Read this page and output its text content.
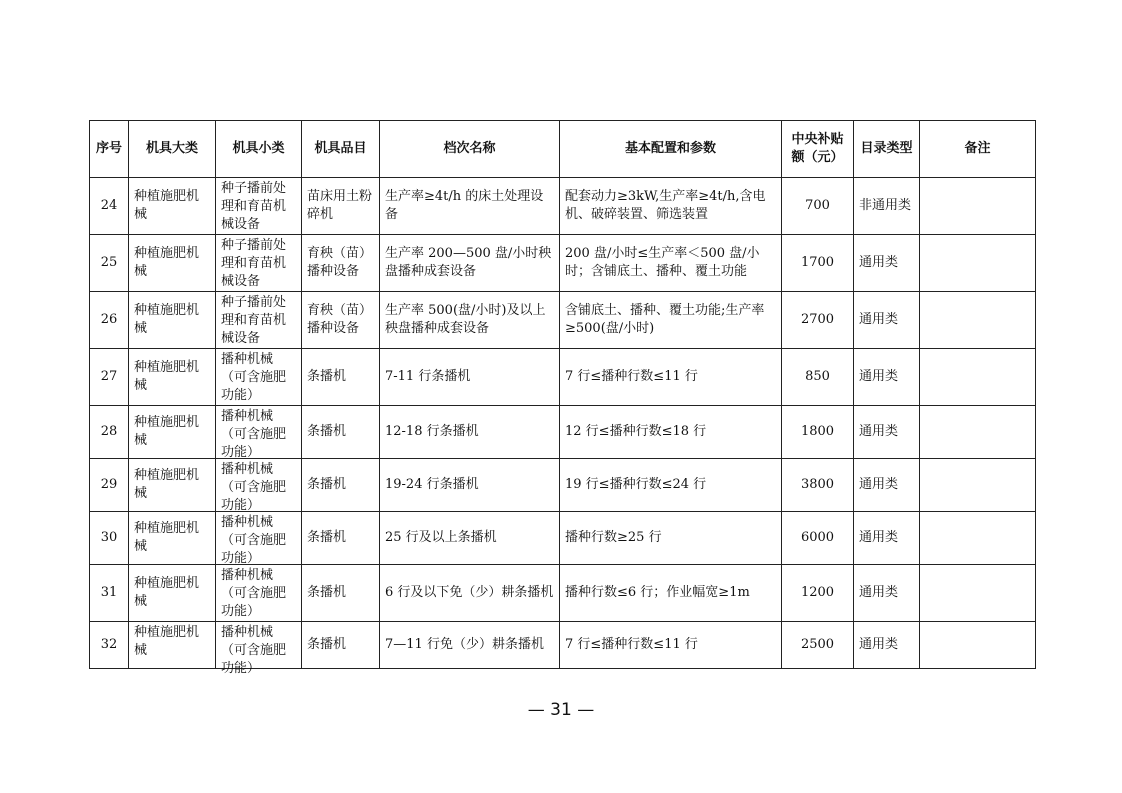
序号	机具大类	机具小类	机具品目	档次名称	基本配置和参数	中央补贴额（元）	目录类型	备注
24	种植施肥机械	种子播前处理和育苗机械设备	苗床用土粉碎机	生产率≥4t/h 的床土处理设备	配套动力≥3kW,生产率≥4t/h,含电机、破碎装置、筛选装置	700	非通用类	
25	种植施肥机械	种子播前处理和育苗机械设备	育秧（苗）播种设备	生产率 200—500 盘/小时秧盘播种成套设备	200 盘/小时≤生产率＜500 盘/小时；含铺底土、播种、覆土功能	1700	通用类	
26	种植施肥机械	种子播前处理和育苗机械设备	育秧（苗）播种设备	生产率 500(盘/小时)及以上秧盘播种成套设备	含铺底土、播种、覆土功能;生产率≥500(盘/小时)	2700	通用类	
27	种植施肥机械	播种机械（可含施肥功能）	条播机	7-11 行条播机	7 行≤播种行数≤11 行	850	通用类	
28	种植施肥机械	播种机械（可含施肥功能）	条播机	12-18 行条播机	12 行≤播种行数≤18 行	1800	通用类	
29	种植施肥机械	播种机械（可含施肥功能）	条播机	19-24 行条播机	19 行≤播种行数≤24 行	3800	通用类	
30	种植施肥机械	播种机械（可含施肥功能）	条播机	25 行及以上条播机	播种行数≥25 行	6000	通用类	
31	种植施肥机械	播种机械（可含施肥功能）	条播机	6 行及以下免（少）耕条播机	播种行数≤6 行；作业幅宽≥1m	1200	通用类	
32	种植施肥机械	播种机械（可含施肥功能）	条播机	7—11 行免（少）耕条播机	7 行≤播种行数≤11 行	2500	通用类	
— 31 —
